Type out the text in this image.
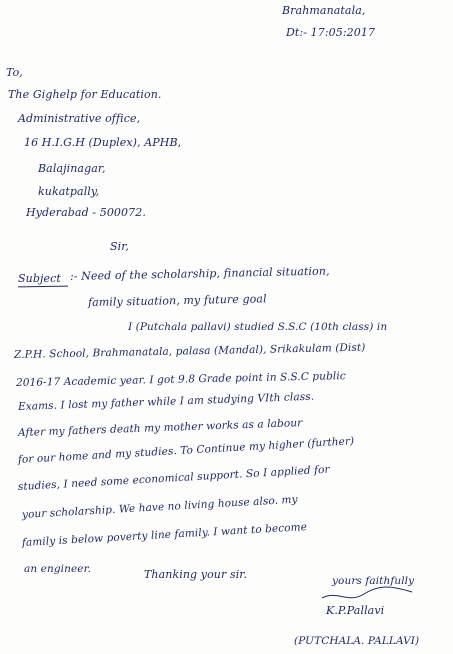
Brahmanatala,
Dt:- 17:05:2017
To,
The Gighelp for Education.
Administrative office,
16 H.I.G.H (Duplex), APHB,
Balajinagar,
kukatpally,
Hyderabad - 500072.
Sir,
Subject :- Need of the scholarship, financial situation,
family situation, my future goal
I (Putchala pallavi) studied S.S.C (10th class) in
Z.P.H. School, Brahmanatala, palasa (Mandal), Srikakulam (Dist)
2016-17 Academic year. I got 9.8 Grade point in S.S.C public
Exams. I lost my father while I am studying VIth class.
After my fathers death my mother works as a labour
for our home and my studies. To Continue my higher (further)
studies, I need some economical support. So I applied for
your scholarship. We have no living house also. my
family is below poverty line family. I want to become
an engineer.	Thanking your sir.	yours faithfully
K.P.Pallavi
(PUTCHALA. PALLAVI)
